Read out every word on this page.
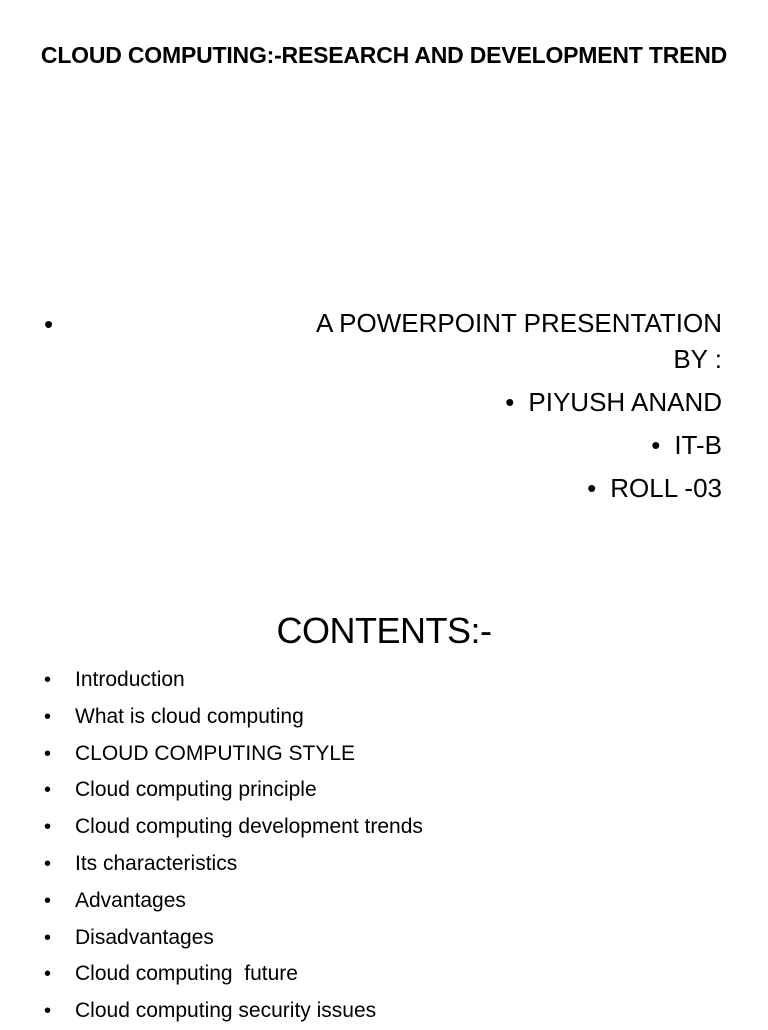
CLOUD COMPUTING:-RESEARCH AND DEVELOPMENT TREND
•	A POWERPOINT PRESENTATION
BY :
• PIYUSH ANAND
• IT-B
• ROLL -03
CONTENTS:-
• Introduction
• What is cloud computing
• CLOUD COMPUTING STYLE
• Cloud computing principle
• Cloud computing development trends
• Its characteristics
• Advantages
• Disadvantages
• Cloud computing  future
• Cloud computing security issues
